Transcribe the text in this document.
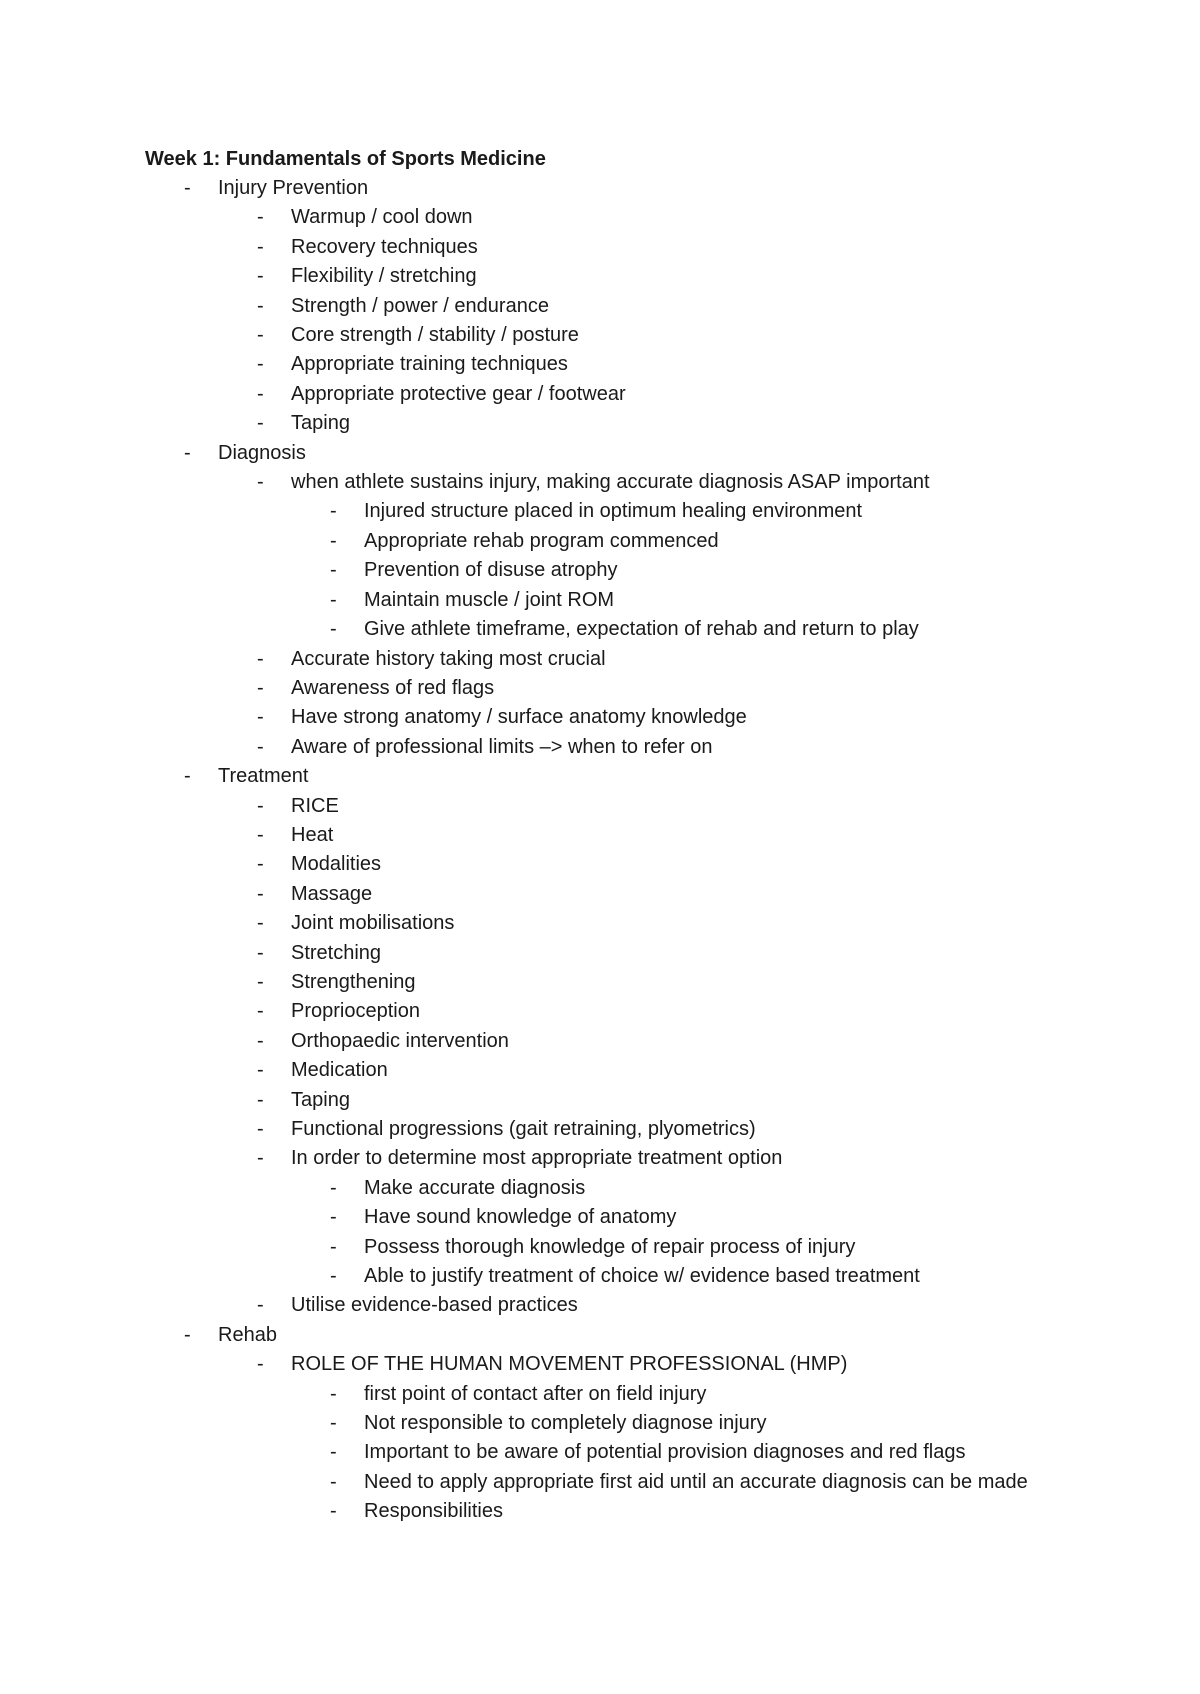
Week 1: Fundamentals of Sports Medicine
- Injury Prevention
- Warmup / cool down
- Recovery techniques
- Flexibility / stretching
- Strength / power / endurance
- Core strength / stability / posture
- Appropriate training techniques
- Appropriate protective gear / footwear
- Taping
- Diagnosis
- when athlete sustains injury, making accurate diagnosis ASAP important
- Injured structure placed in optimum healing environment
- Appropriate rehab program commenced
- Prevention of disuse atrophy
- Maintain muscle / joint ROM
- Give athlete timeframe, expectation of rehab and return to play
- Accurate history taking most crucial
- Awareness of red flags
- Have strong anatomy / surface anatomy knowledge
- Aware of professional limits –> when to refer on
- Treatment
- RICE
- Heat
- Modalities
- Massage
- Joint mobilisations
- Stretching
- Strengthening
- Proprioception
- Orthopaedic intervention
- Medication
- Taping
- Functional progressions (gait retraining, plyometrics)
- In order to determine most appropriate treatment option
- Make accurate diagnosis
- Have sound knowledge of anatomy
- Possess thorough knowledge of repair process of injury
- Able to justify treatment of choice w/ evidence based treatment
- Utilise evidence-based practices
- Rehab
- ROLE OF THE HUMAN MOVEMENT PROFESSIONAL (HMP)
- first point of contact after on field injury
- Not responsible to completely diagnose injury
- Important to be aware of potential provision diagnoses and red flags
- Need to apply appropriate first aid until an accurate diagnosis can be made
- Responsibilities
